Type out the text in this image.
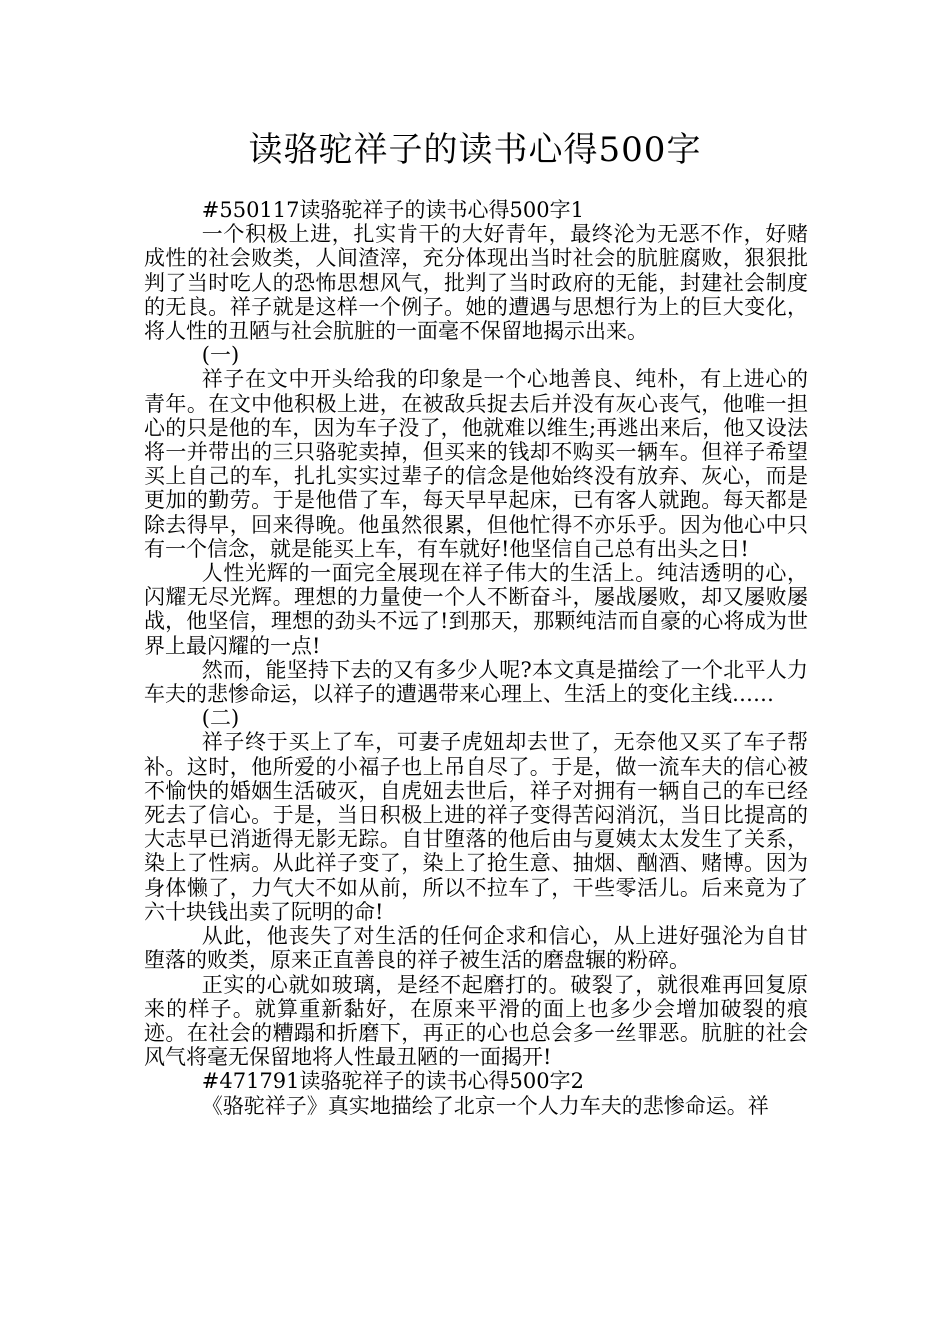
读骆驼祥子的读书心得500字

#550117读骆驼祥子的读书心得500字1

一个积极上进，扎实肯干的大好青年，最终沦为无恶不作，好赌成性的社会败类，人间渣滓，充分体现出当时社会的肮脏腐败，狠狠批判了当时吃人的恐怖思想风气，批判了当时政府的无能，封建社会制度的无良。祥子就是这样一个例子。她的遭遇与思想行为上的巨大变化，将人性的丑陋与社会肮脏的一面毫不保留地揭示出来。

(一)

祥子在文中开头给我的印象是一个心地善良、纯朴，有上进心的青年。在文中他积极上进，在被敌兵捉去后并没有灰心丧气，他唯一担心的只是他的车，因为车子没了，他就难以维生;再逃出来后，他又设法将一并带出的三只骆驼卖掉，但买来的钱却不购买一辆车。但祥子希望买上自己的车，扎扎实实过辈子的信念是他始终没有放弃、灰心，而是更加的勤劳。于是他借了车，每天早早起床，已有客人就跑。每天都是除去得早，回来得晚。他虽然很累，但他忙得不亦乐乎。因为他心中只有一个信念，就是能买上车，有车就好!他坚信自己总有出头之日!

人性光辉的一面完全展现在祥子伟大的生活上。纯洁透明的心，闪耀无尽光辉。理想的力量使一个人不断奋斗，屡战屡败，却又屡败屡战，他坚信，理想的劲头不远了!到那天，那颗纯洁而自豪的心将成为世界上最闪耀的一点!

然而，能坚持下去的又有多少人呢?本文真是描绘了一个北平人力车夫的悲惨命运，以祥子的遭遇带来心理上、生活上的变化主线……

(二)

祥子终于买上了车，可妻子虎妞却去世了，无奈他又买了车子帮补。这时，他所爱的小福子也上吊自尽了。于是，做一流车夫的信心被不愉快的婚姻生活破灭，自虎妞去世后，祥子对拥有一辆自己的车已经死去了信心。于是，当日积极上进的祥子变得苦闷消沉，当日比提高的大志早已消逝得无影无踪。自甘堕落的他后由与夏姨太太发生了关系，染上了性病。从此祥子变了，染上了抢生意、抽烟、酗酒、赌博。因为身体懒了，力气大不如从前，所以不拉车了，干些零活儿。后来竟为了六十块钱出卖了阮明的命!

从此，他丧失了对生活的任何企求和信心，从上进好强沦为自甘堕落的败类，原来正直善良的祥子被生活的磨盘辗的粉碎。

正实的心就如玻璃，是经不起磨打的。破裂了，就很难再回复原来的样子。就算重新黏好，在原来平滑的面上也多少会增加破裂的痕迹。在社会的糟蹋和折磨下，再正的心也总会多一丝罪恶。肮脏的社会风气将毫无保留地将人性最丑陋的一面揭开!

#471791读骆驼祥子的读书心得500字2

《骆驼祥子》真实地描绘了北京一个人力车夫的悲惨命运。祥
